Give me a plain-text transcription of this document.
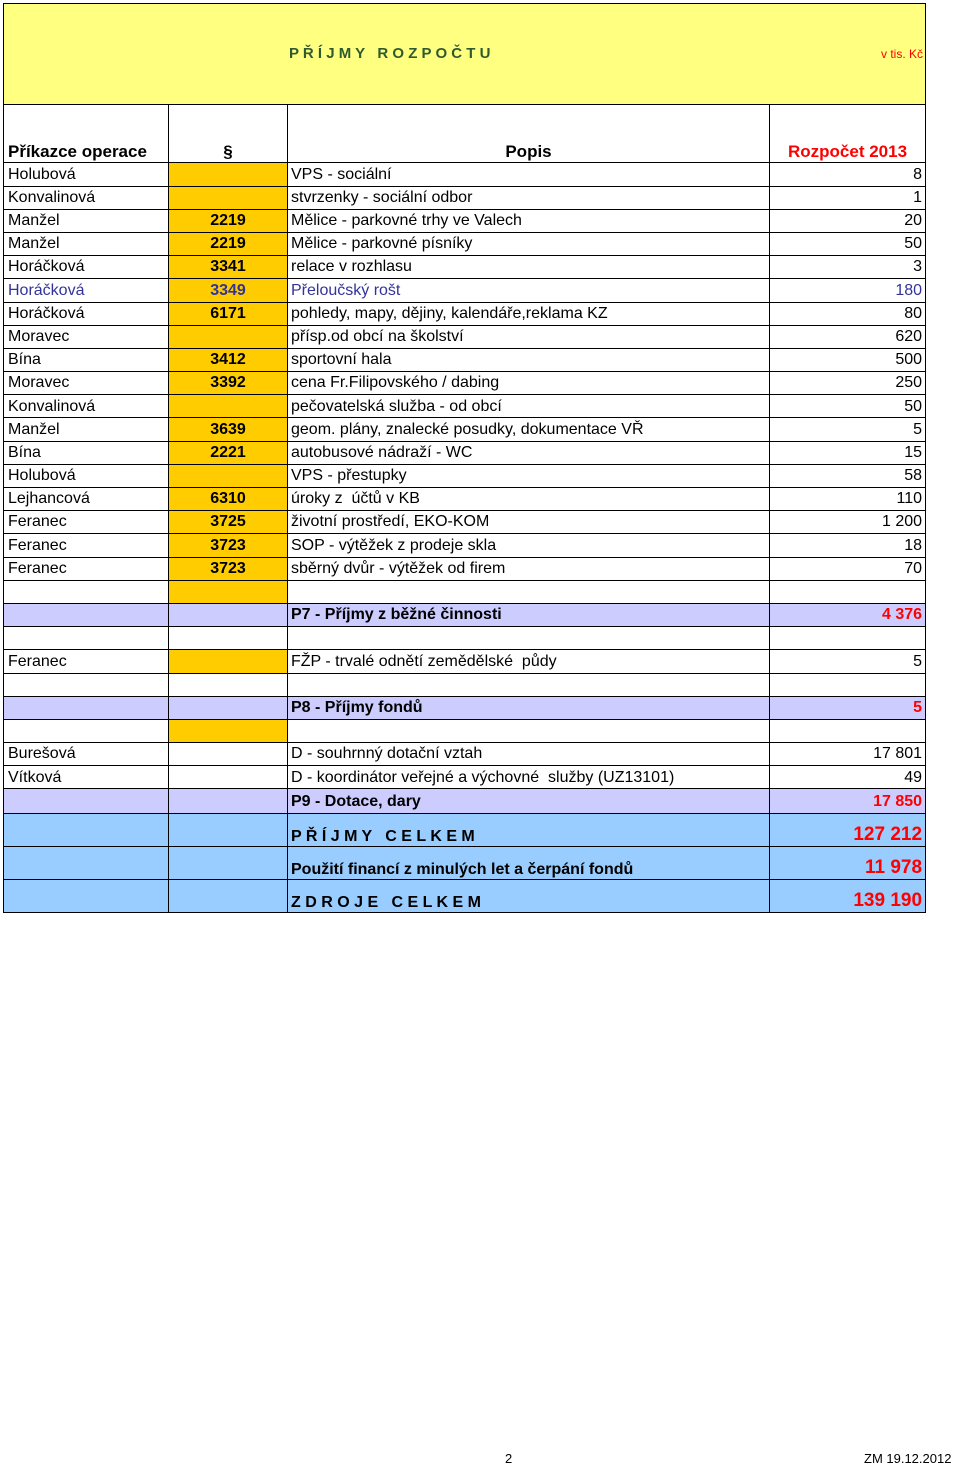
P Ř Í J M Y   R O Z P O Č T U v tis. Kč			

Příkazce operace	§	Popis	Rozpočet 2013
Holubová		VPS - sociální	8
Konvalinová		stvrzenky - sociální odbor	1
Manžel	2219	Mělice - parkovné trhy ve Valech	20
Manžel	2219	Mělice - parkovné písníky	50
Horáčková	3341	relace v rozhlasu	3
Horáčková	3349	Přeloučský rošt	180
Horáčková	6171	pohledy, mapy, dějiny, kalendáře,reklama KZ	80
Moravec		přísp.od obcí na školství	620
Bína	3412	sportovní hala	500
Moravec	3392	cena Fr.Filipovského / dabing	250
Konvalinová		pečovatelská služba - od obcí	50
Manžel	3639	geom. plány, znalecké posudky, dokumentace VŘ	5
Bína	2221	autobusové nádraží - WC	15
Holubová		VPS - přestupky	58
Lejhancová	6310	úroky z  účtů v KB	110
Feranec	3725	životní prostředí, EKO-KOM	1 200
Feranec	3723	SOP - výtěžek z prodeje skla	18
Feranec	3723	sběrný dvůr - výtěžek od firem	70

		P7 - Příjmy z běžné činnosti	4 376

Feranec		FŽP - trvalé odnětí zemědělské  půdy	5

		P8 - Příjmy fondů	5

Burešová		D - souhrnný dotační vztah	17 801
Vítková		D - koordinátor veřejné a výchovné  služby (UZ13101)	49
		P9 - Dotace, dary	17 850
		P Ř Í J M Y   C E L K E M	127 212
		Použití financí z minulých let a čerpání fondů	11 978
		Z D R O J E   C E L K E M	139 190
2	ZM 19.12.2012
